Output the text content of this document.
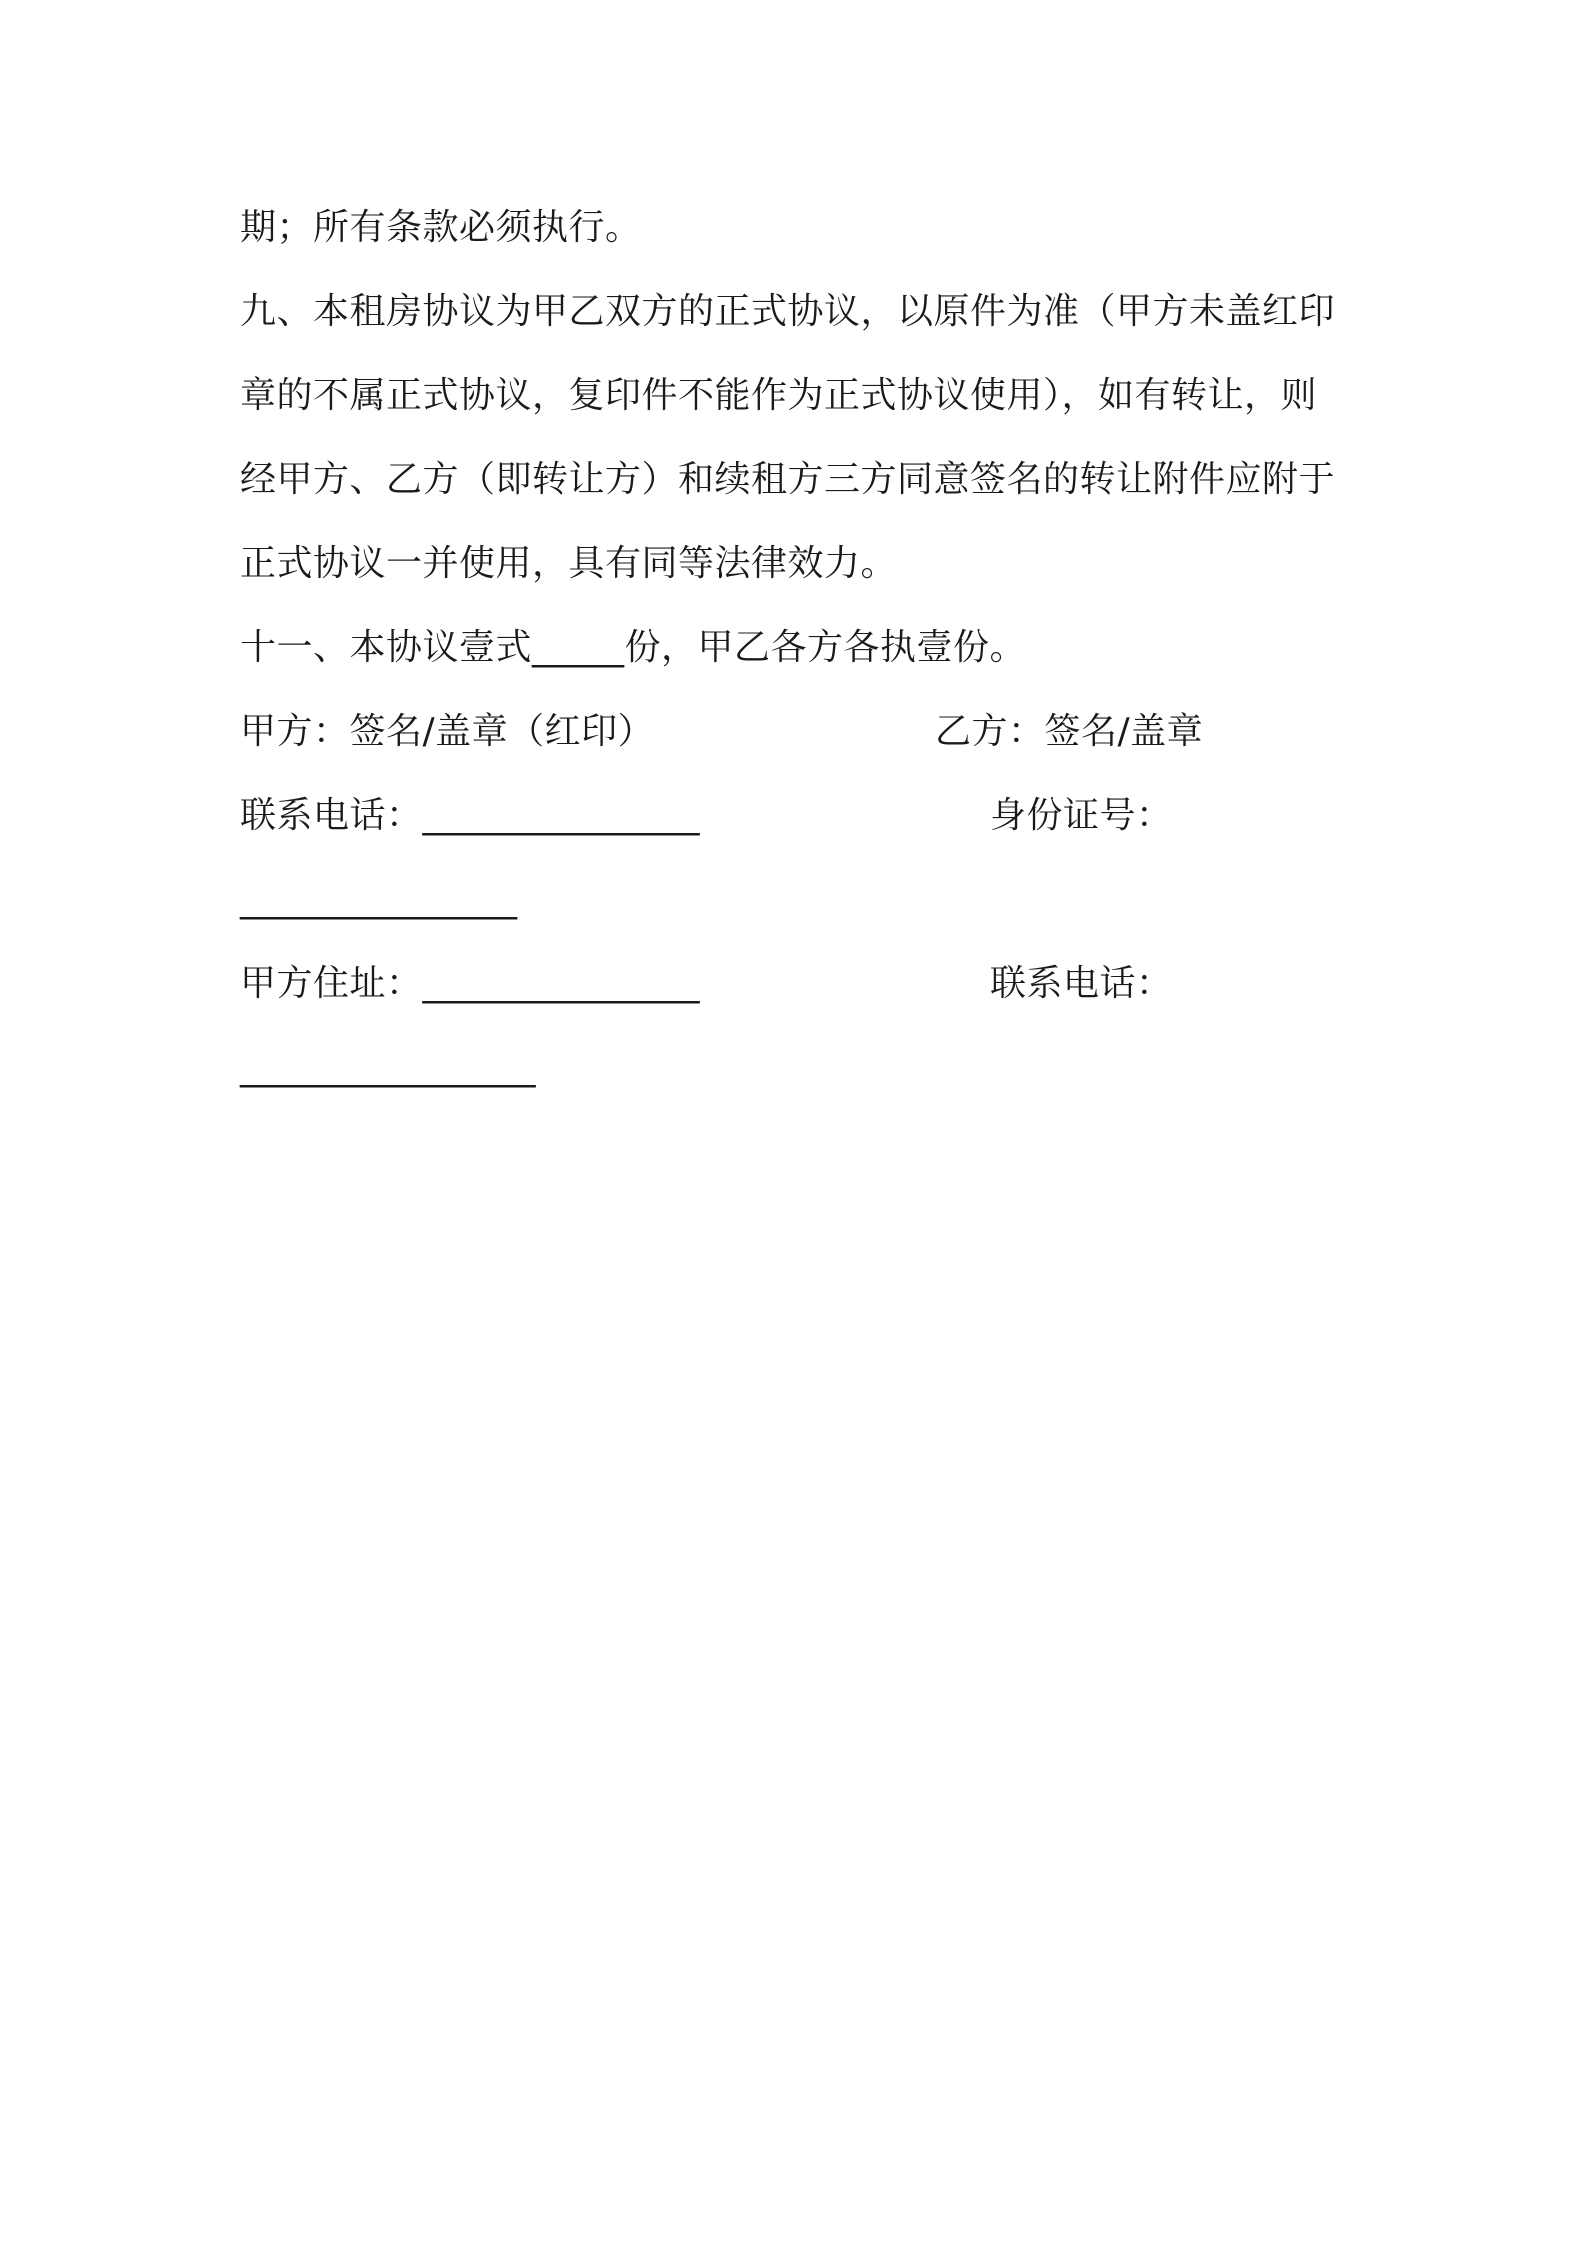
期；所有条款必须执行。
九、本租房协议为甲乙双方的正式协议，以原件为准（甲方未盖红印
章的不属正式协议，复印件不能作为正式协议使用），如有转让，则
经甲方、乙方（即转让方）和续租方三方同意签名的转让附件应附于
正式协议一并使用，具有同等法律效力。
十一、本协议壹式_____份，甲乙各方各执壹份。
甲方：签名/盖章（红印）	乙方：签名/盖章
联系电话：_______________	身份证号：
_______________
甲方住址：_______________	联系电话：
________________
